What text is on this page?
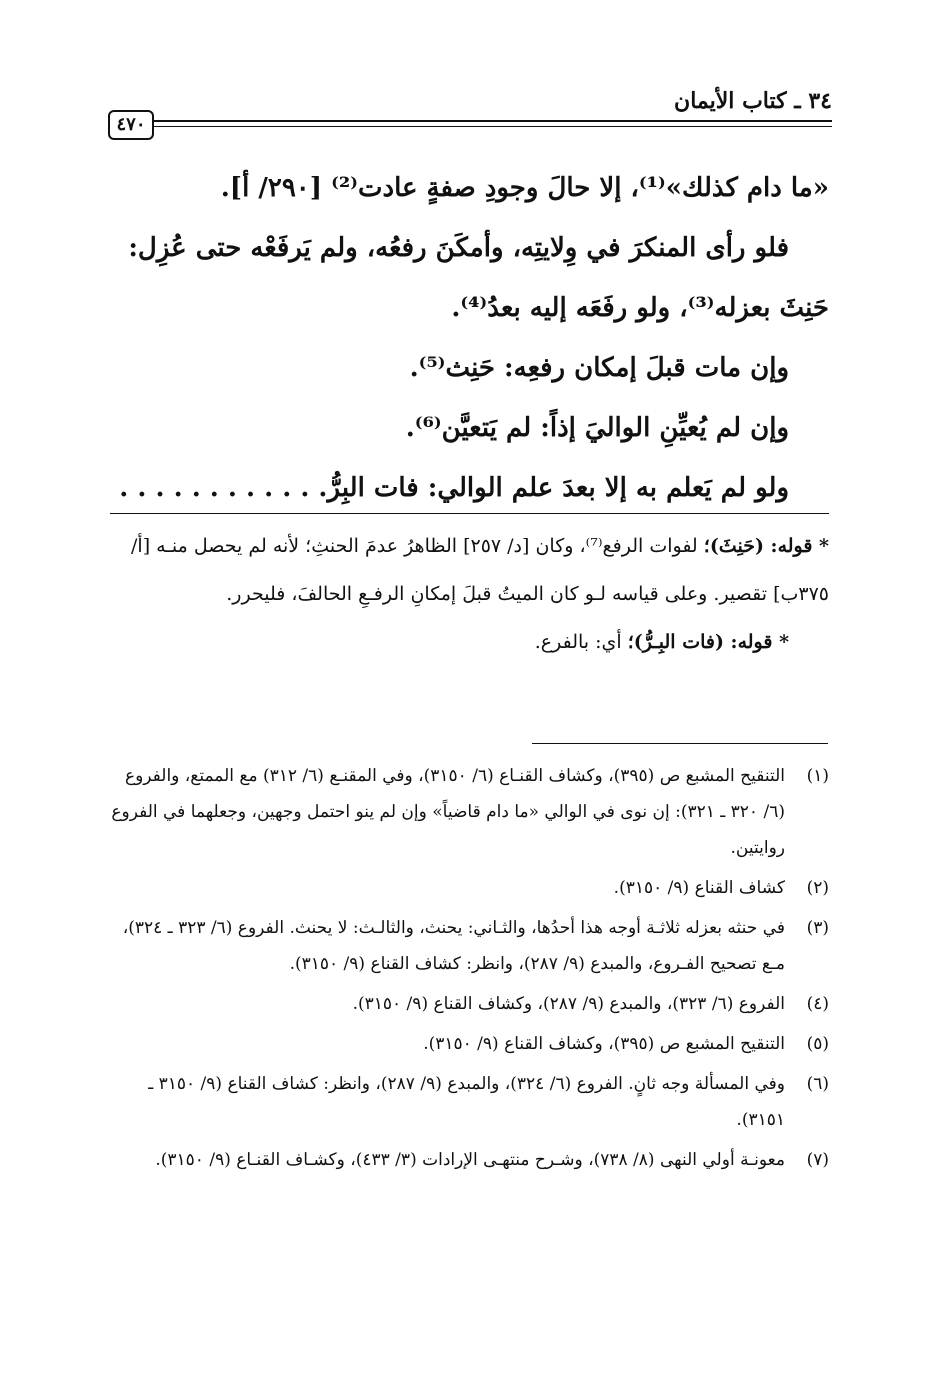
٣٤ ـ كتاب الأيمان
٤٧٠
«ما دام كذلك»⁽¹⁾، إلا حالَ وجودِ صفةٍ عادت⁽²⁾ [٢٩٠/ أ].
فلو رأى المنكرَ في وِلايتِه، وأمكَنَ رفعُه، ولم يَرفَعْه حتى عُزِل:
حَنِثَ بعزله⁽³⁾، ولو رفَعَه إليه بعدُ⁽⁴⁾.
وإن مات قبلَ إمكان رفعِه: حَنِث⁽⁵⁾.
وإن لم يُعيِّنِ الواليَ إذاً: لم يَتعيَّن⁽⁶⁾.
ولو لم يَعلم به إلا بعدَ علم الوالي: فات البِرُّ. . . . . . . . . . . .

* قوله: (حَنِثَ)؛ لفوات الرفع⁽⁷⁾، وكان [د/ ٢٥٧] الظاهرُ عدمَ الحنثِ؛ لأنه لم يحصل منـه [أ/ ٣٧٥ب] تقصير. وعلى قياسه لـو كان الميتُ قبلَ إمكانِ الرفـعِ الحالفَ، فليحرر.

* قوله: (فات البِـرُّ)؛ أي: بالفرع.

(١)
التنقيح المشبع ص (٣٩٥)، وكشاف القنـاع (٦/ ٣١٥٠)، وفي المقنـع (٦/ ٣١٢) مع الممتع، والفروع (٦/ ٣٢٠ ـ ٣٢١): إن نوى في الوالي «ما دام قاضياً» وإن لم ينو احتمل وجهين، وجعلهما في الفروع روايتين.
(٢)
كشاف القناع (٩/ ٣١٥٠).
(٣)
في حنثه بعزله ثلاثـة أوجه هذا أحدُها، والثـاني: يحنث، والثالـث: لا يحنث. الفروع (٦/ ٣٢٣ ـ ٣٢٤)، مـع تصحيح الفـروع، والمبدع (٩/ ٢٨٧)، وانظر: كشاف القناع (٩/ ٣١٥٠).
(٤)
الفروع (٦/ ٣٢٣)، والمبدع (٩/ ٢٨٧)، وكشاف القناع (٩/ ٣١٥٠).
(٥)
التنقيح المشبع ص (٣٩٥)، وكشاف القناع (٩/ ٣١٥٠).
(٦)
وفي المسألة وجه ثانٍ. الفروع (٦/ ٣٢٤)، والمبدع (٩/ ٢٨٧)، وانظر: كشاف القناع (٩/ ٣١٥٠ ـ ٣١٥١).
(٧)
معونـة أولي النهى (٨/ ٧٣٨)، وشـرح منتهـى الإرادات (٣/ ٤٣٣)، وكشـاف القنـاع (٩/ ٣١٥٠).
